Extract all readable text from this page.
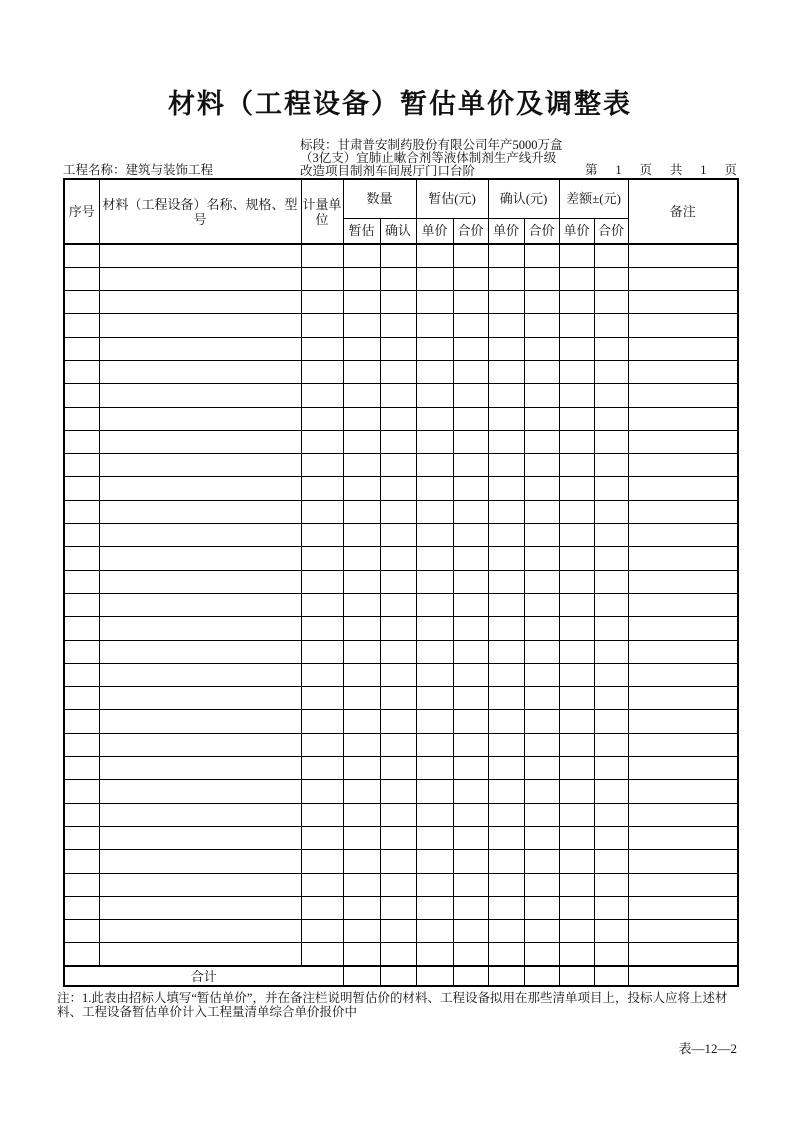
材料（工程设备）暂估单价及调整表
工程名称：建筑与装饰工程
标段：甘肃普安制药股份有限公司年产5000万盒
（3亿支）宜肺止嗽合剂等液体制剂生产线升级
改造项目制剂车间展厅门口台阶	第 1 页 共 1 页
序号	材料（工程设备）名称、规格、型号	计量单位	数量		暂估(元)		确认(元)		差额±(元)		备注
			暂估	确认	单价	合价	单价	合价	单价	合价	

合计											
注：1.此表由招标人填写“暂估单价”，并在备注栏说明暂估价的材料、工程设备拟用在那些清单项目上，投标人应将上述材料、工程设备暂估单价计入工程量清单综合单价报价中
表—12—2
